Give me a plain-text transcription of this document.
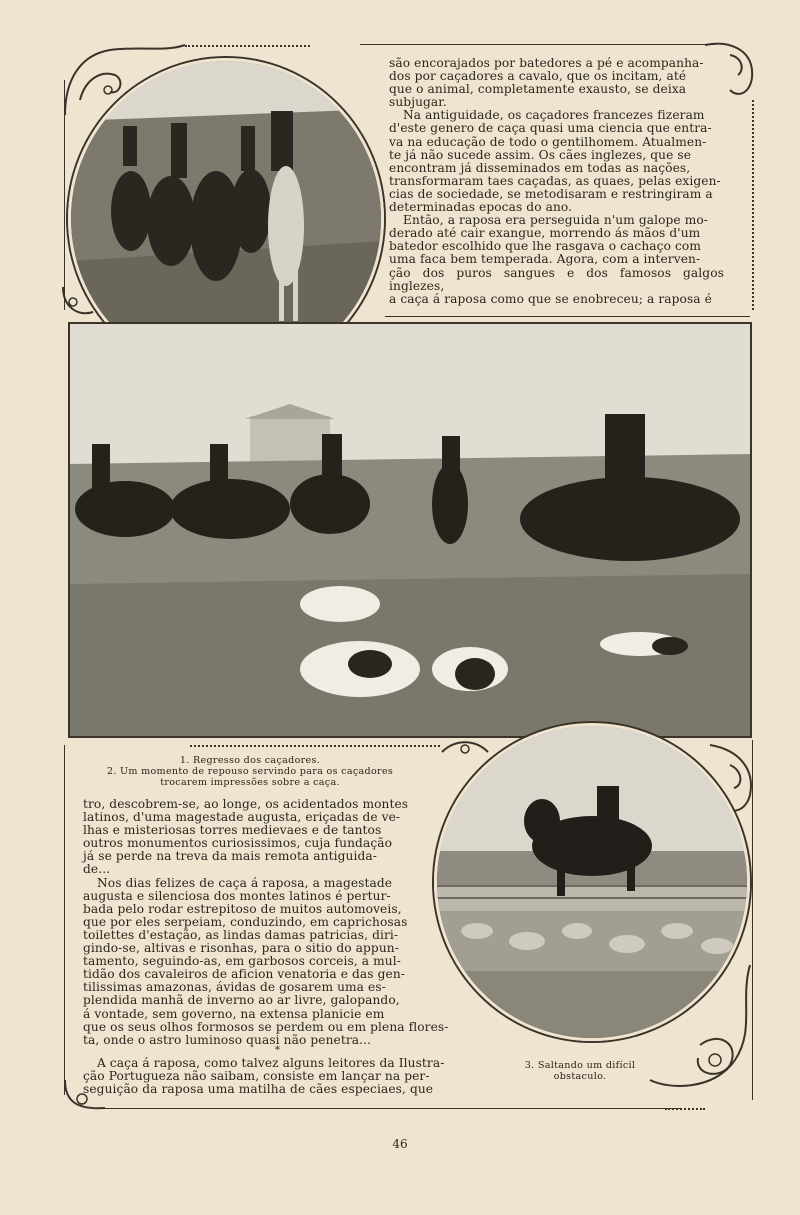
são encorajados por batedores a pé e acompanha-

dos por caçadores a cavalo, que os incitam, até

que o animal, completamente exausto, se deixa

subjugar.

Na antiguidade, os caçadores francezes fizeram

d'este genero de caça quasi uma ciencia que entra-

va na educação de todo o gentilhomem. Atualmen-

te já não sucede assim. Os cães inglezes, que se

encontram já disseminados em todas as nações,

transformaram taes caçadas, as quaes, pelas exigen-

cias de sociedade, se metodisaram e restringiram a

determinadas epocas do ano.

Então, a raposa era perseguida n'um galope mo-

derado até cair exangue, morrendo ás mãos d'um

batedor escolhido que lhe rasgava o cachaço com

uma faca bem temperada. Agora, com a interven-

ção dos puros sangues e dos famosos galgos inglezes,

a caça á raposa como que se enobreceu; a raposa é

1. Regresso dos caçadores.
2. Um momento de repouso servindo para os caçadores
trocarem impressões sobre a caça.

tro, descobrem-se, ao longe, os acidentados montes

latinos, d'uma magestade augusta, eriçadas de ve-

lhas e misteriosas torres medievaes e de tantos

outros monumentos curiosissimos, cuja fundação

já se perde na treva da mais remota antiguida-

de...

Nos dias felizes de caça á raposa, a magestade

augusta e silenciosa dos montes latinos é pertur-

bada pelo rodar estrepitoso de muitos automoveis,

que por eles serpeiam, conduzindo, em caprichosas

toilettes d'estação, as lindas damas patricias, diri-

gindo-se, altivas e risonhas, para o sitio do appun-

tamento, seguindo-as, em garbosos corceis, a mul-

tidão dos cavaleiros de aficion venatoria e das gen-

tilissimas amazonas, ávidas de gosarem uma es-

plendida manhã de inverno ao ar livre, galopando,

á vontade, sem governo, na extensa planicie em

que os seus olhos formosos se perdem ou em plena flores-

ta, onde o astro luminoso quasi não penetra...

*

A caça á raposa, como talvez alguns leitores da Ilustra-

ção Portugueza não saibam, consiste em lançar na per-

seguição da raposa uma matilha de cães especiaes, que

3. Saltando um difícil
obstaculo.
46
